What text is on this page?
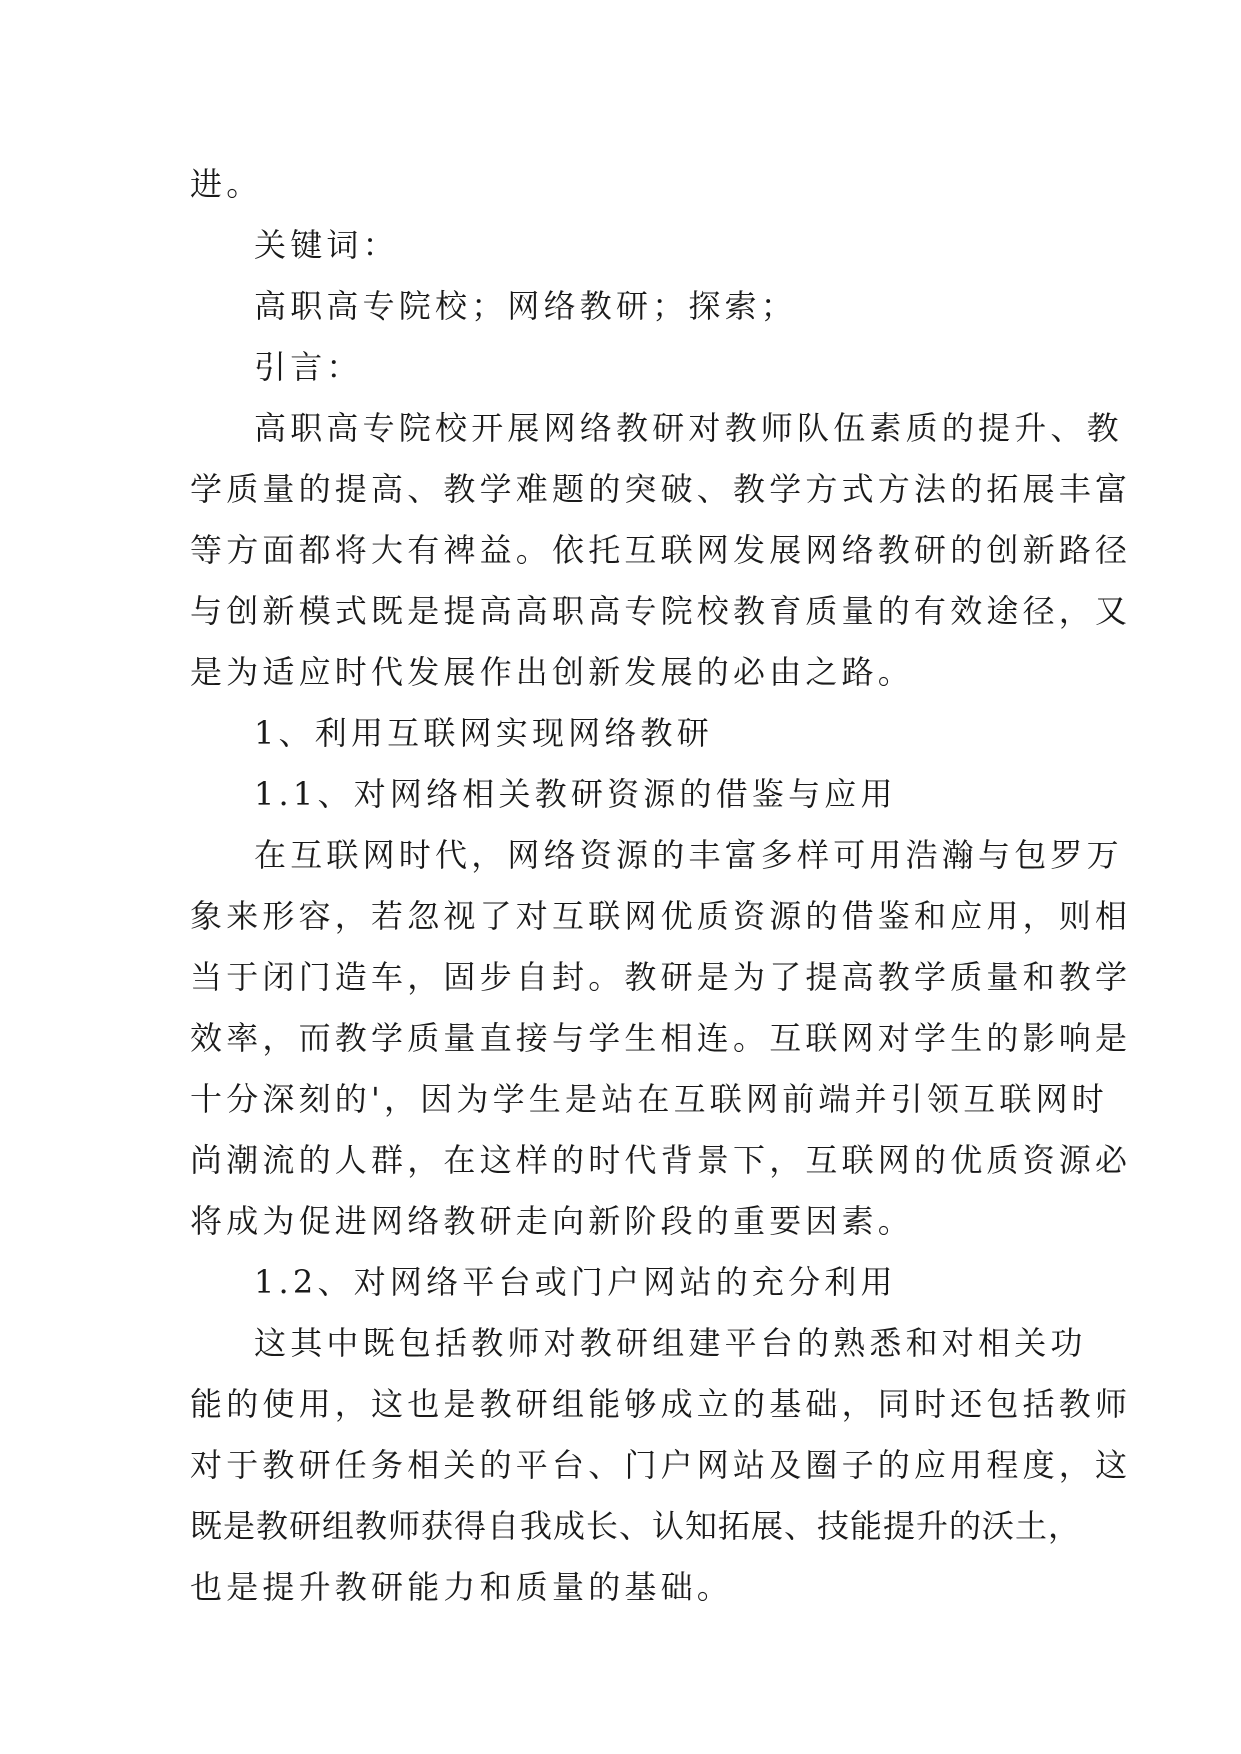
进。

关键词：

高职高专院校；网络教研；探索；

引言：

高职高专院校开展网络教研对教师队伍素质的提升、教

学质量的提高、教学难题的突破、教学方式方法的拓展丰富

等方面都将大有裨益。依托互联网发展网络教研的创新路径

与创新模式既是提高高职高专院校教育质量的有效途径，又

是为适应时代发展作出创新发展的必由之路。

1、利用互联网实现网络教研

1.1、对网络相关教研资源的借鉴与应用

在互联网时代，网络资源的丰富多样可用浩瀚与包罗万

象来形容，若忽视了对互联网优质资源的借鉴和应用，则相

当于闭门造车，固步自封。教研是为了提高教学质量和教学

效率，而教学质量直接与学生相连。互联网对学生的影响是

十分深刻的'，因为学生是站在互联网前端并引领互联网时

尚潮流的人群，在这样的时代背景下，互联网的优质资源必

将成为促进网络教研走向新阶段的重要因素。

1.2、对网络平台或门户网站的充分利用

这其中既包括教师对教研组建平台的熟悉和对相关功

能的使用，这也是教研组能够成立的基础，同时还包括教师

对于教研任务相关的平台、门户网站及圈子的应用程度，这

既是教研组教师获得自我成长、认知拓展、技能提升的沃土，

也是提升教研能力和质量的基础。
